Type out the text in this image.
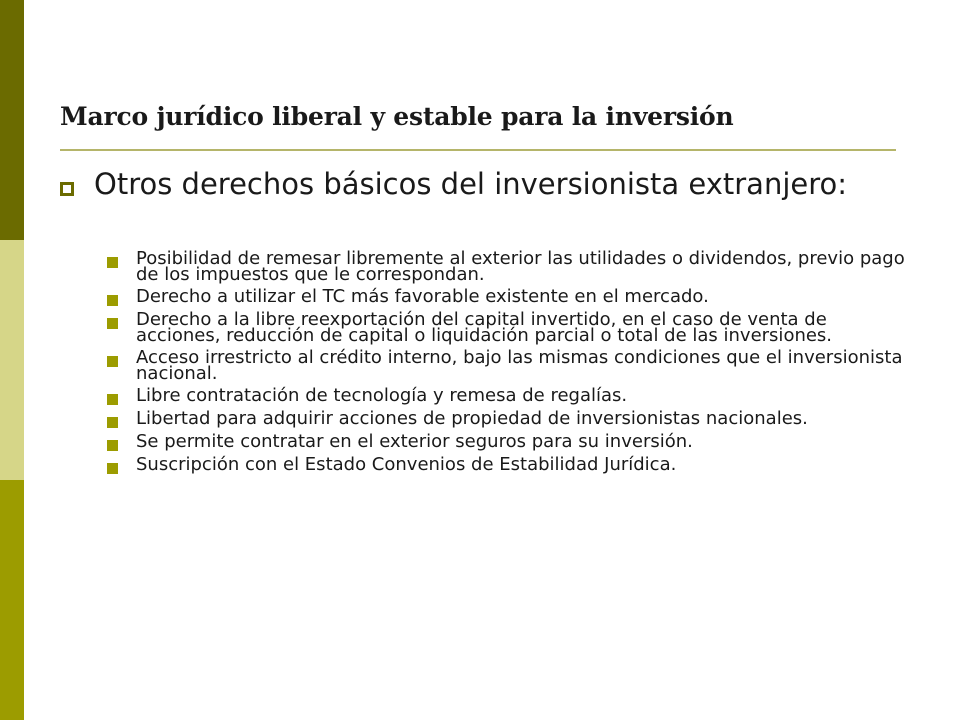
Marco jurídico liberal y estable para la inversión
Otros derechos básicos del inversionista extranjero:
Posibilidad de remesar libremente al exterior las utilidades o dividendos, previo pago de los impuestos que le correspondan.
Derecho a utilizar el TC más favorable existente en el mercado.
Derecho a la libre reexportación del capital invertido, en el caso de venta de acciones, reducción de capital o liquidación parcial o total de las inversiones.
Acceso irrestricto al crédito interno, bajo las mismas condiciones que el inversionista nacional.
Libre contratación de tecnología y remesa de regalías.
Libertad para adquirir acciones de propiedad de inversionistas nacionales.
Se permite contratar en el exterior seguros para su inversión.
Suscripción con el Estado Convenios de Estabilidad Jurídica.
